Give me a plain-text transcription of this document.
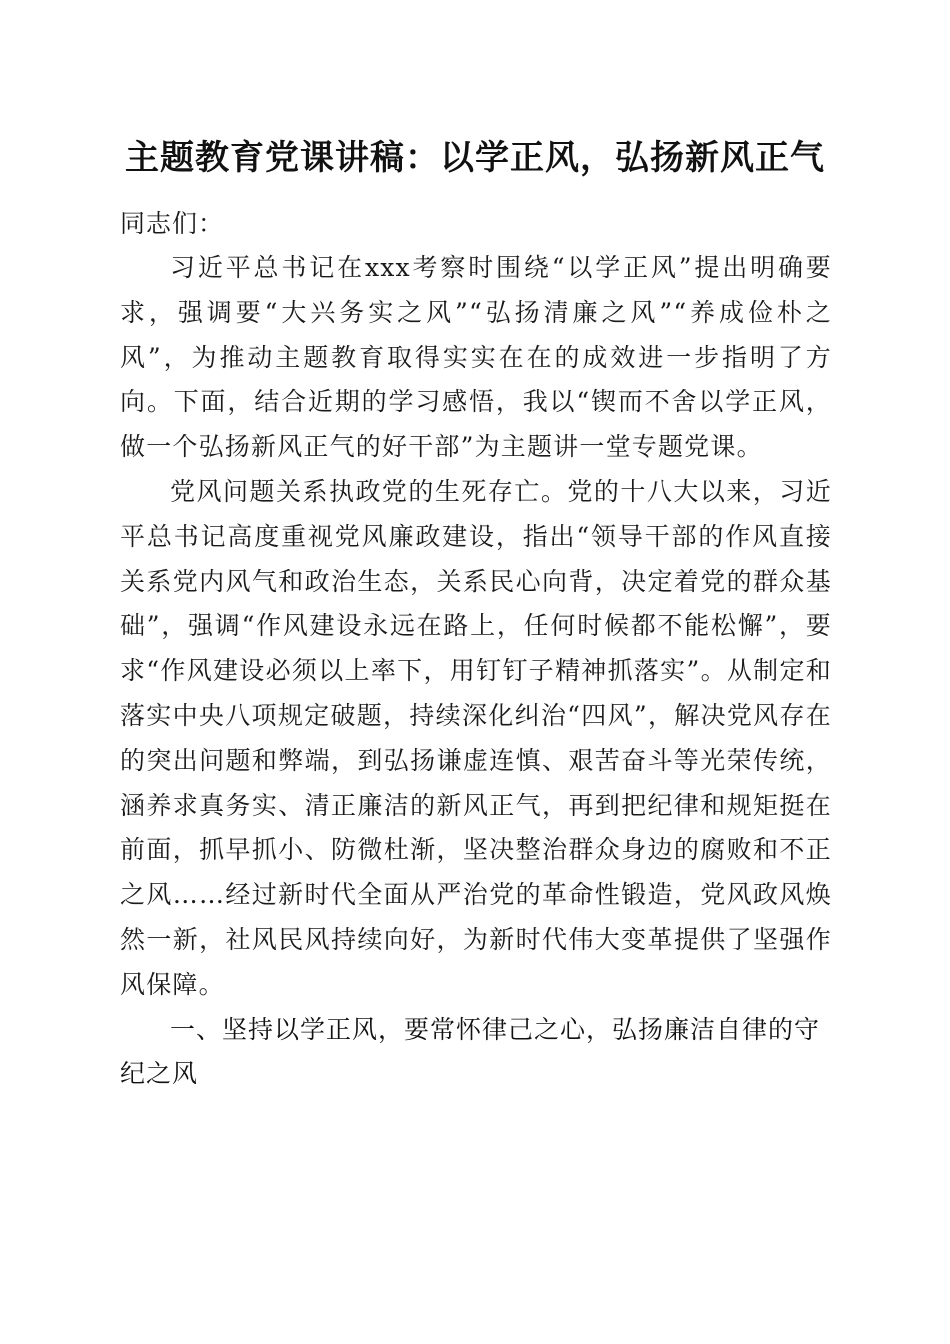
主题教育党课讲稿：以学正风，弘扬新风正气

同志们：

习近平总书记在xxx考察时围绕“以学正风”提出明确要求，强调要“大兴务实之风”“弘扬清廉之风”“养成俭朴之风”，为推动主题教育取得实实在在的成效进一步指明了方向。下面，结合近期的学习感悟，我以“锲而不舍以学正风，做一个弘扬新风正气的好干部”为主题讲一堂专题党课。

党风问题关系执政党的生死存亡。党的十八大以来，习近平总书记高度重视党风廉政建设，指出“领导干部的作风直接关系党内风气和政治生态，关系民心向背，决定着党的群众基础”，强调“作风建设永远在路上，任何时候都不能松懈”，要求“作风建设必须以上率下，用钉钉子精神抓落实”。从制定和落实中央八项规定破题，持续深化纠治“四风”，解决党风存在的突出问题和弊端，到弘扬谦虚连慎、艰苦奋斗等光荣传统，涵养求真务实、清正廉洁的新风正气，再到把纪律和规矩挺在前面，抓早抓小、防微杜渐，坚决整治群众身边的腐败和不正之风……经过新时代全面从严治党的革命性锻造，党风政风焕然一新，社风民风持续向好，为新时代伟大变革提供了坚强作风保障。

一、坚持以学正风，要常怀律己之心，弘扬廉洁自律的守纪之风
